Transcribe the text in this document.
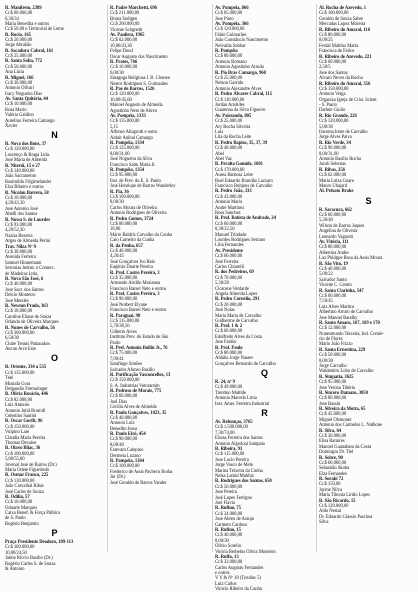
R. Manifesto, 2389
Cr.$ 60.000,00
6,30/34
Maria Benedita e outros
Cr.$ 50,00 e Territorial de Leme
R. Rocio, 165
Cr.$ 20.000,00
Jorge Abrahão
R. Sacadura Cabral, 161
Cr.$ 25.000,00
R. Santa Sofia, 772
Cr.$ 50.000,00
Ana Lúcia
R. Miguel, 166
Cr.$ 30.000,00
Antonio Olivari
Iracy Nogueira Dias
Av. Santa Quitéria, 44
Cr.$ 10.000,00
Rosa Mario
Valéria Galdino
Aurelino Ferreira Camargo
Xavier
N
R. Nova dos Bons, 37
Cr.$ 120.000,00
Lourenço & Braga Ltda.
José Maria de Almeida
R. Niterói, 15 e 27
Cr.$ 140.000,00
João Sacramento
Rosimildo Frigimelander
Elza Ribeiro e outros
R. Nicolau Barreto, 58
Cr.$ 10.000,00
4,20/43,30
Jose Antonio José
Abelli dos Santos
R. Nossa S. de Lourdes
Cr.$ 93.000,00
4,20/52,30
Nazira Bezerra
Argos de Almeida Perini
Trav. Nilza Nº 9
Cr.$ 38.000,00
Avenida Ferreira
Samuel Hinnemann
Serrarias Indust. e Comerc.
de Madeiras Ltda.
R. Nova São José, 6
Cr.$ 40.000,00
Jose Sacr. dos Santos
Delcio Monteiro
Jose Mendes
R. Newton Prado, 363
Cr.$ 18.000,00
Caroline Eliane de Souza
Orlando de Oliveira Marques
R. Nunes de Carvalho, 56
Cr.$ 300.000,00
6,50/38
Clube Tennis Pattanakos
Awran Arce Este
O
R. Oriente, 334 a 535
Cr.$ 135.000,00
Tété
Mustafa Gora
Delgaudio Fremaringer
R. Olivia Rosário, 446
Cr.$ 82.000,00
Luiz Antonio
Antonio Jubil Brumill
Celestino Santini
R. Oscar Gorfit, 96
Cr.$ 150.000,00
Vulpino Laie
Claudia Maria Pereira
Thomaz Devaine
R. Olavo Bilac, 36
Cr.$ 100.000,00
5,00/55,00
Juvenal José de Barros (Dr.)
Maria Odete Figueiredo
R. Osmar Franco, 225
Cr.$ 130.000,00
João Carvalhal Ribas
José Carlos de Souza
R. Odilia, 57
Cr.$ 10.000,00
Oduarte Marques
Caixa Benef. & Força Pública
de S. Paulo
Rogério Benjamin
P
Praça Presidente Deodoro, 109-113
Cr.$ 100.000,00
10,00/24,50
Jaime Riccio Basilio (Dr.)
Rogério Carlos S. de Souza
& Antonio
R. Padre Marchetti, 696
Cr.$ 211.000,00
Bruna Sodigen
Cr.$ 260.000,00
Vicente Schgnetti
Av. Paulista, 1965
Cr.$ 62.000,00
10,80/43,30
Felipe Dood
Oscar Augusto dos Nascimento
R. Prates, 766
Cr.$ 10.000,00
6,00/30
Sinagoga Religiosa I. B. Chonen
Nestor Rodrigues S. Guimarães
R. Pae de Barros, 1526
Cr.$ 120.000,00
10,00/45,60
Manoel Augusto de Almeida
Agostinho Neto de Abreu
Av. Pompéia, 1333
Cr.$ 135.000,00
5,15
Alfonso Altagrotti e outro
Aldair Anibal Camargo
R. Pompéia, 1334
Cr.$ 125.000,00
8,00/31,00
José Nogueira da Silva
Francisco Salm Maria Jr.
R. Pompéia, 1354
Cr.$ 95.000,00
Inst. de Prev. do E. S. Paulo
José Henrique de Barros Wanderley
R. Pia, 36
Cr.$ 100.000,00
8,00/30
Carlos Moura de Oliveira
Antonio Rodrigues de Oliveira
R. Pedro Gomes, 3724
Cr.$ 80.000,00
10,00
Mário Baldrís Carvalho da Cunha
Caio Carneiro da Cunha
R. da Penha, 657
Cr.$ 40.000,00
4,20/45
José Gonçalves Ivo Reis
Eugênio Duarte Pereira
R. Prof. Castro Pereira, 3
Cr.$ 35.000,00
Armando Aridilo Marianna
Francisco Barsel Neto e outros
R. Prof. Castro Pereira, 3
Cr.$ 90.000,00
José Norbert Elyane
Francisco Barsel Neto e outros
R. Paraguai, 90
Cr.$ 115.000,00
5,70/38,50
Gilberto Alves
Instituto Prev. do Estado de São
Paulo
R. Pref. Antonio Bollin Jr., 76
Cr.$ 75.000,00
7,00/41
Sarafinge Simões
Salvador Afonso Basílio
R. Purificação Vasconcellos, 13
Cr.$ 150.000,00
S. A. Industrias Votorantim
R. Pedroso de Morais, 775
Cr.$ 60.000,00
Joel Dias
Cecília Alves de Almeida
R. Paulo Gonçalves, 1023, 35
Cr.$ 40.000,00
Antonio Luiz
Benedito Jesus
R. Paulo Eiró, 454
Cr.$ 90.000,00
8,00/40
Estevam Calepino
Dermeia Lozano
R. Pompéia, 1364
Cr.$ 100.000,00
Frederico de Assis Pacheco Borba
Jnr (Dr.)
José Geraldo de Barros Vander
Av. Pompéia, 866
Cr.$ 65.000,00
Jose Pinto
Av. Pompéia, 366
Cr.$ 120.000,00
Fábio Guimarães
João Constâncio Nascimento
Neivalda Sobhar
R. Pompéia
Cr.$ 80.000,00
Antonio Romano
Antonio Agostinho Arruda
R. Pio Bras Camargo, 960
Cr.$ 25.000,00
Nelson Garrido
Antonio Alexandre Alves
R. Pedro Álvares Cabral, 115
Cr.$ 110.000,00
Jordan Aristides
Guarenna da Silva Figueiro
Av. Paissandu, 805
Cr.$ 25.000,00
Ary Rocha Silveira
Luis
Lila da Rocha Leite
R. Pedro Bapiso, 35, 37, 39
Cr.$ 40.000,00
Abel
Abel Vaz
R. Peralta Gomide, 1601
Cr.$ 170.000,00
Aurea Barbosa Leite
Ruel Eduardo Brandão Lazzaro
Francisco Bultjens de Carvalho
R. Pedro João, 333
Cr.$ 43.000,00
Antonio Mario
Andre Martinez
Rosa Sanchez
R. Prof. Batista de Andrade, 24
Cr.$ 60.000,00
8,30/22,50
Manuel Trindade
Lourdes Rodrigues Serrano
Lilia Fernandes
Av. Presidente
Cr.$ 60.000,00
José Ferreira
Carlos Chiarelli
R. dos Pedreiros, 69
Cr.$ 70.000,00
5,30/28
Clorcene Verdarde
Angela Almeida Lopes
R. Pedro Cornelio, 291
Cr.$ 20.000,00
José Nolas
Maria Marta de Carvalho
Guilherme de Carvalho
R. Prof. 1 & 2
Cr.$ 60.000,00
Edolfredo Alves da Costa
Jose Fardin
R. Prof. Paulo
Cr.$ 80.000,00
Aldália Jorge Nasser
Gonçalves Bernardo de Carvalho
Q
R. 24, nº 9
Cr.$ 49.000,00
Trentino Matilde
Antonio Macedo Lima
Inst. Amer. Ferreira Industrial
R
Av. Rebouças, 3765
Cr.$ 1.500.000,00
7,30/74,00
Eloisa Ferreira dos Santos
Antonio Algodoal Sampaio
R. Ribeira, 93
Cr.$ 115.000,00
Jose Lucio Pereira
Jorge Vasco de Melo
Marina Teixeira da Cunha
Nelsa Lamid Mahfuz
R. Rodrigues dos Santos, 650
Cr.$ 50.000,00
Jose Pereira
José Lopes Ferrigno
Joel Flavio
R. Rufino, 75
Cr.$ 34.000,00
Jose Abreu de Araujo
Carmem Cardoso
R. Rufino, 15
Cr.$ 40.000,00
8,00/30
Olívio Sorelia
Vitória Berbelus Olivia Monteiro
R. Ruffo, 13
Cr.$ 33.000,00
Carlos Augusto Fernandes
e outros
V Y & Nº 18 (Tyndáw 5)
Luiz Carlos
Vinicio Ribeiro da Cunha
Al. Rocha de Azevedo, 1
Cr.$ 100.000,00
Geraldo de Souza Sabre
Mercadas Lopez Moreira
R. Ribeiro do Amaral, 116
Cr.$ 80.000,00
8,00/25
Ferdal Mahfuz Maria
Francisca de Felice
R. Ribeiro de Azevedo, 221
Cr.$ 60.000,00
2,50/5
Jose dos Santos
Alvaro Neves da Rocha
R. Ribeiro do Amaral, 356
Cr.$ 150.000,00
Antonio Veiga
Organiza Igreja de Crist. Scient.
- S. Paulo
Darlete Giulio
R. Rio Grande, 226
Cr.$ 120.000,00
5,00/30
Iracema Irene de Carvalho
Jorge Alves Paiva
R. Rio Verde, 34
Cr.$ 90.000,00
8,00/31,60
Antonio Basílio Rocha
Jacob Selemas
R. Ribas, 256
Cr.$ 62.000,00
Maria Luiza Guaro
Mauro Ubajard
Al. Peixoto Brake
S
R. Saracura, 662
Cr.$ 60.000,00
5,30/40
Wilson de Barros Jaques
Angelina de Oliveira
Leonardo Vagnotti
Av. Vitória, 111
Cr.$ 80.000,00
Albertina Andes
Luz Philippe Rosa da Assis Moura
R. São Vito, 19
Cr.$ 40.000,00
5,00/22
Salvador Santo
Vicente C. Centro
R. Santa Clarinha, 547
Cr.$ 60.000,00
7,50/45
Luiz Alves Martins
Albertino Arturo de Carvalho
Jose Manoel Baudhy
R. Santo Amaro, 167, 169 e 170
Cr.$ 12.000,00
Nunesmundo Teixeira, Ind. Comér-
cio de Flores
Mario João Frizzo
R. Santa Ernestina, 229
Cr.$ 50.000,00
8,00/38
Jorge Carvalho
Waldemiro Lobo de Carvalho
R. Simpatia, 3625
Cr.$ 95.000,00
Jose Verona Tibério
R. Sincero Damazo, 3050
Cr.$ 80.000,00
Jose Bassin
R. Silveira da Motta, 65
Cr.$ 45.000,00
Miguel Olsmoner
Antonio dos Carmelos L. Nalbone
R. Silva, 64
Cr.$ 30.000,00
Elisa Ramires
Manoel Guanabara da Costa
Domingos Dr. Tiel
R. Sobre, 90
Cr.$ 60.000,00
Sebastião Skoba
Elza Fernandes
R. Soraki 72
Cr.$ 150,00
Jayme Nilva
Maria Tibonia Lirdio Lopes
R. São Ricardo, 15
Cr.$ 120.000,00
Aldo Nestal
Dr. Eduardo Glassio Paschoa
Silva
